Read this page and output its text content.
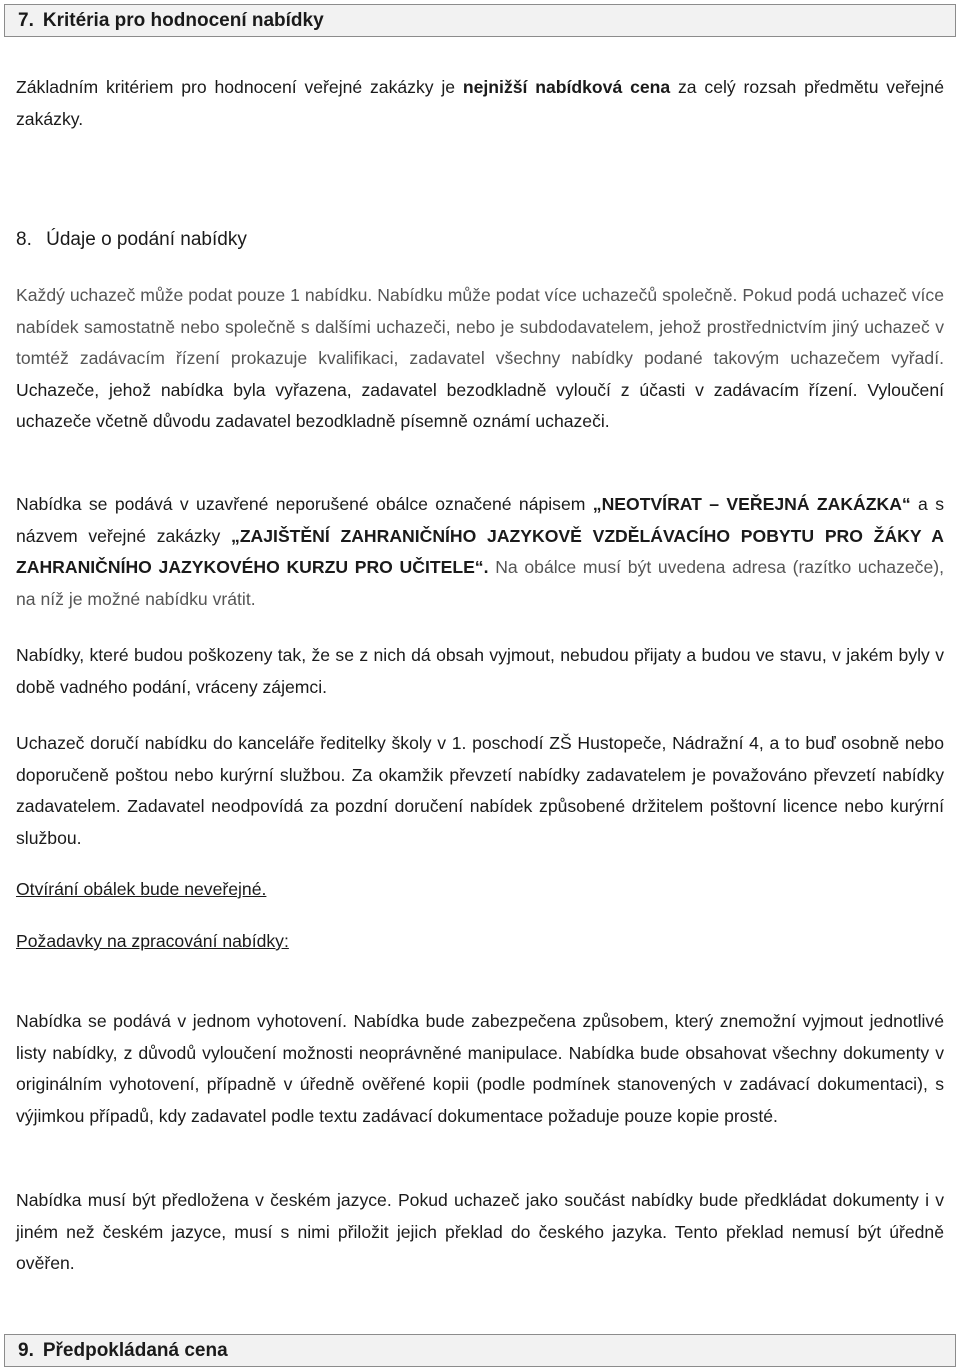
7. Kritéria pro hodnocení nabídky

Základním kritériem pro hodnocení veřejné zakázky je nejnižší nabídková cena za celý rozsah předmětu veřejné zakázky.

8. Údaje o podání nabídky

Každý uchazeč může podat pouze 1 nabídku. Nabídku může podat více uchazečů společně. Pokud podá uchazeč více nabídek samostatně nebo společně s dalšími uchazeči, nebo je subdodavatelem, jehož prostřednictvím jiný uchazeč v tomtéž zadávacím řízení prokazuje kvalifikaci, zadavatel všechny nabídky podané takovým uchazečem vyřadí. Uchazeče, jehož nabídka byla vyřazena, zadavatel bezodkladně vyloučí z účasti v zadávacím řízení. Vyloučení uchazeče včetně důvodu zadavatel bezodkladně písemně oznámí uchazeči.

Nabídka se podává v uzavřené neporušené obálce označené nápisem „NEOTVÍRAT – VEŘEJNÁ ZAKÁZKA“ a s názvem veřejné zakázky „ZAJIŠTĚNÍ ZAHRANIČNÍHO JAZYKOVĚ VZDĚLÁVACÍHO POBYTU PRO ŽÁKY A ZAHRANIČNÍHO JAZYKOVÉHO KURZU PRO UČITELE“. Na obálce musí být uvedena adresa (razítko uchazeče), na níž je možné nabídku vrátit.

Nabídky, které budou poškozeny tak, že se z nich dá obsah vyjmout, nebudou přijaty a budou ve stavu, v jakém byly v době vadného podání, vráceny zájemci.

Uchazeč doručí nabídku do kanceláře ředitelky školy v 1. poschodí ZŠ Hustopeče, Nádražní 4, a to buď osobně nebo doporučeně poštou nebo kurýrní službou. Za okamžik převzetí nabídky zadavatelem je považováno převzetí nabídky zadavatelem. Zadavatel neodpovídá za pozdní doručení nabídek způsobené držitelem poštovní licence nebo kurýrní službou.

Otvírání obálek bude neveřejné.

Požadavky na zpracování nabídky:

Nabídka se podává v jednom vyhotovení. Nabídka bude zabezpečena způsobem, který znemožní vyjmout jednotlivé listy nabídky, z důvodů vyloučení možnosti neoprávněné manipulace. Nabídka bude obsahovat všechny dokumenty v originálním vyhotovení, případně v úředně ověřené kopii (podle podmínek stanovených v zadávací dokumentaci), s výjimkou případů, kdy zadavatel podle textu zadávací dokumentace požaduje pouze kopie prosté.

Nabídka musí být předložena v českém jazyce. Pokud uchazeč jako součást nabídky bude předkládat dokumenty i v jiném než českém jazyce, musí s nimi přiložit jejich překlad do českého jazyka. Tento překlad nemusí být úředně ověřen.

9. Předpokládaná cena
